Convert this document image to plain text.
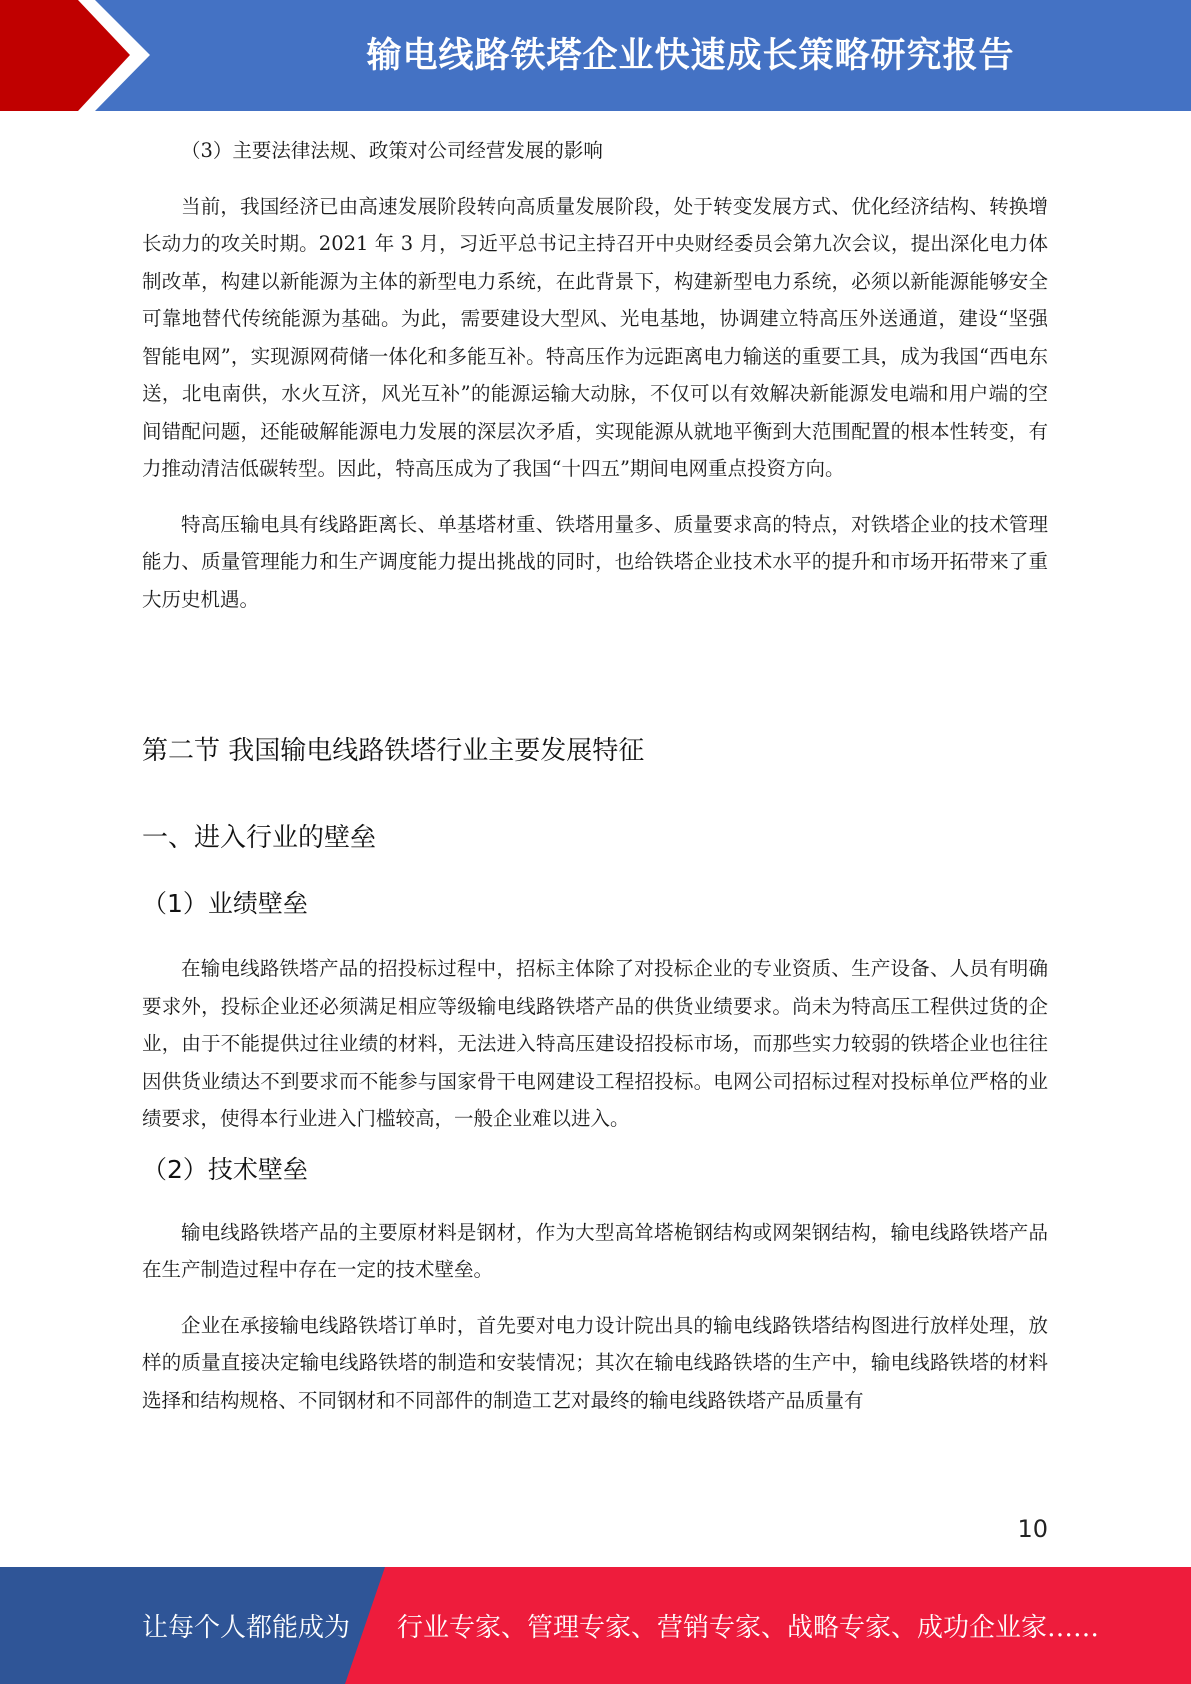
输电线路铁塔企业快速成长策略研究报告

（3）主要法律法规、政策对公司经营发展的影响

当前，我国经济已由高速发展阶段转向高质量发展阶段，处于转变发展方式、优化经济结构、转换增长动力的攻关时期。2021 年 3 月，习近平总书记主持召开中央财经委员会第九次会议，提出深化电力体制改革，构建以新能源为主体的新型电力系统，在此背景下，构建新型电力系统，必须以新能源能够安全可靠地替代传统能源为基础。为此，需要建设大型风、光电基地，协调建立特高压外送通道，建设“坚强智能电网”，实现源网荷储一体化和多能互补。特高压作为远距离电力输送的重要工具，成为我国“西电东送，北电南供，水火互济，风光互补”的能源运输大动脉，不仅可以有效解决新能源发电端和用户端的空间错配问题，还能破解能源电力发展的深层次矛盾，实现能源从就地平衡到大范围配置的根本性转变，有力推动清洁低碳转型。因此，特高压成为了我国“十四五”期间电网重点投资方向。

特高压输电具有线路距离长、单基塔材重、铁塔用量多、质量要求高的特点，对铁塔企业的技术管理能力、质量管理能力和生产调度能力提出挑战的同时，也给铁塔企业技术水平的提升和市场开拓带来了重大历史机遇。

第二节 我国输电线路铁塔行业主要发展特征
一、进入行业的壁垒
（1）业绩壁垒

在输电线路铁塔产品的招投标过程中，招标主体除了对投标企业的专业资质、生产设备、人员有明确要求外，投标企业还必须满足相应等级输电线路铁塔产品的供货业绩要求。尚未为特高压工程供过货的企业，由于不能提供过往业绩的材料，无法进入特高压建设招投标市场，而那些实力较弱的铁塔企业也往往因供货业绩达不到要求而不能参与国家骨干电网建设工程招投标。电网公司招标过程对投标单位严格的业绩要求，使得本行业进入门槛较高，一般企业难以进入。

（2）技术壁垒

输电线路铁塔产品的主要原材料是钢材，作为大型高耸塔桅钢结构或网架钢结构，输电线路铁塔产品在生产制造过程中存在一定的技术壁垒。

企业在承接输电线路铁塔订单时，首先要对电力设计院出具的输电线路铁塔结构图进行放样处理，放样的质量直接决定输电线路铁塔的制造和安装情况；其次在输电线路铁塔的生产中，输电线路铁塔的材料选择和结构规格、不同钢材和不同部件的制造工艺对最终的输电线路铁塔产品质量有

10
让每个人都能成为 行业专家、管理专家、营销专家、战略专家、成功企业家……
